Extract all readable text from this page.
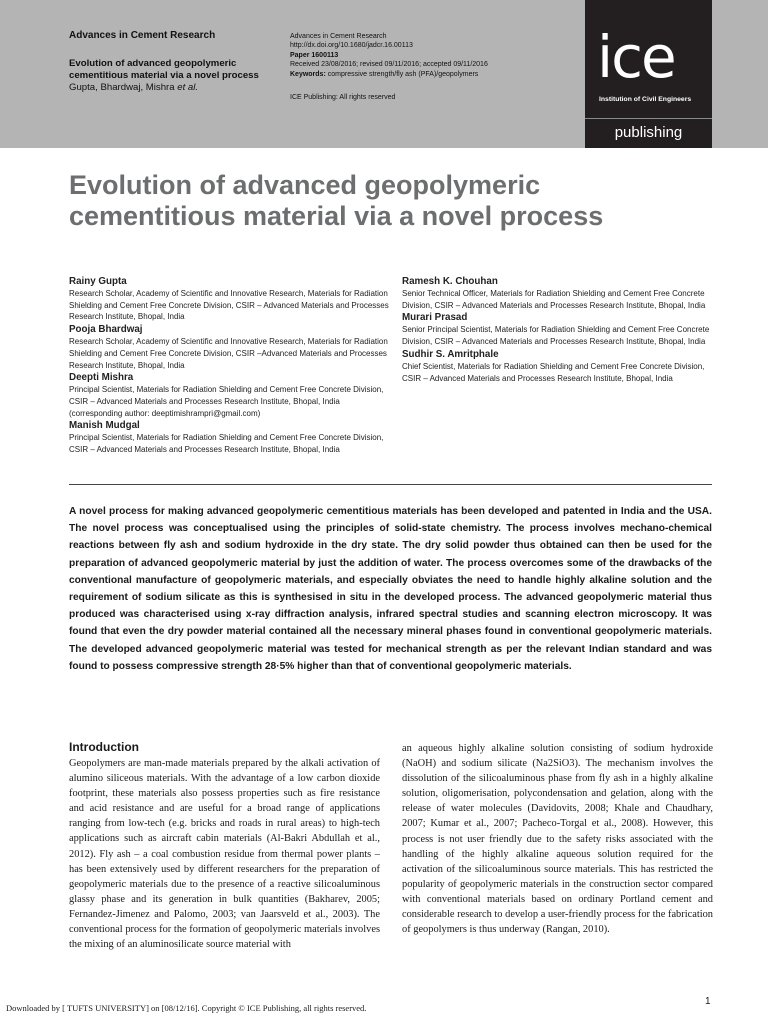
Advances in Cement Research
Evolution of advanced geopolymeric cementitious material via a novel process
Gupta, Bhardwaj, Mishra et al.
Advances in Cement Research
http://dx.doi.org/10.1680/jadcr.16.00113
Paper 1600113
Received 23/08/2016; revised 09/11/2016; accepted 09/11/2016
Keywords: compressive strength/fly ash (PFA)/geopolymers
ICE Publishing: All rights reserved
ice
Institution of Civil Engineers
publishing
Evolution of advanced geopolymeric cementitious material via a novel process
Rainy Gupta
Research Scholar, Academy of Scientific and Innovative Research, Materials for Radiation Shielding and Cement Free Concrete Division, CSIR – Advanced Materials and Processes Research Institute, Bhopal, India
Pooja Bhardwaj
Research Scholar, Academy of Scientific and Innovative Research, Materials for Radiation Shielding and Cement Free Concrete Division, CSIR –Advanced Materials and Processes Research Institute, Bhopal, India
Deepti Mishra
Principal Scientist, Materials for Radiation Shielding and Cement Free Concrete Division, CSIR – Advanced Materials and Processes Research Institute, Bhopal, India (corresponding author: deeptimishrampri@gmail.com)
Manish Mudgal
Principal Scientist, Materials for Radiation Shielding and Cement Free Concrete Division, CSIR – Advanced Materials and Processes Research Institute, Bhopal, India
Ramesh K. Chouhan
Senior Technical Officer, Materials for Radiation Shielding and Cement Free Concrete Division, CSIR – Advanced Materials and Processes Research Institute, Bhopal, India
Murari Prasad
Senior Principal Scientist, Materials for Radiation Shielding and Cement Free Concrete Division, CSIR – Advanced Materials and Processes Research Institute, Bhopal, India
Sudhir S. Amritphale
Chief Scientist, Materials for Radiation Shielding and Cement Free Concrete Division, CSIR – Advanced Materials and Processes Research Institute, Bhopal, India
A novel process for making advanced geopolymeric cementitious materials has been developed and patented in India and the USA. The novel process was conceptualised using the principles of solid-state chemistry. The process involves mechano-chemical reactions between fly ash and sodium hydroxide in the dry state. The dry solid powder thus obtained can then be used for the preparation of advanced geopolymeric material by just the addition of water. The process overcomes some of the drawbacks of the conventional manufacture of geopolymeric materials, and especially obviates the need to handle highly alkaline solution and the requirement of sodium silicate as this is synthesised in situ in the developed process. The advanced geopolymeric material thus produced was characterised using x-ray diffraction analysis, infrared spectral studies and scanning electron microscopy. It was found that even the dry powder material contained all the necessary mineral phases found in conventional geopolymeric materials. The developed advanced geopolymeric material was tested for mechanical strength as per the relevant Indian standard and was found to possess compressive strength 28·5% higher than that of conventional geopolymeric materials.
Introduction
Geopolymers are man-made materials prepared by the alkali activation of alumino siliceous materials. With the advantage of a low carbon dioxide footprint, these materials also possess properties such as fire resistance and acid resistance and are useful for a broad range of applications ranging from low-tech (e.g. bricks and roads in rural areas) to high-tech applications such as aircraft cabin materials (Al-Bakri Abdullah et al., 2012). Fly ash – a coal combustion residue from thermal power plants – has been extensively used by different researchers for the preparation of geopolymeric materials due to the presence of a reactive silicoaluminous glassy phase and its generation in bulk quantities (Bakharev, 2005; Fernandez-Jimenez and Palomo, 2003; van Jaarsveld et al., 2003). The conventional process for the formation of geopolymeric materials involves the mixing of an aluminosilicate source material with
an aqueous highly alkaline solution consisting of sodium hydroxide (NaOH) and sodium silicate (Na2SiO3). The mechanism involves the dissolution of the silicoaluminous phase from fly ash in a highly alkaline solution, oligomerisation, polycondensation and gelation, along with the release of water molecules (Davidovits, 2008; Khale and Chaudhary, 2007; Kumar et al., 2007; Pacheco-Torgal et al., 2008). However, this process is not user friendly due to the safety risks associated with the handling of the highly alkaline aqueous solution required for the activation of the silicoaluminous source materials. This has restricted the popularity of geopolymeric materials in the construction sector compared with conventional materials based on ordinary Portland cement and considerable research to develop a user-friendly process for the fabrication of geopolymers is thus underway (Rangan, 2010).
Downloaded by [ TUFTS UNIVERSITY] on [08/12/16]. Copyright © ICE Publishing, all rights reserved.
1
